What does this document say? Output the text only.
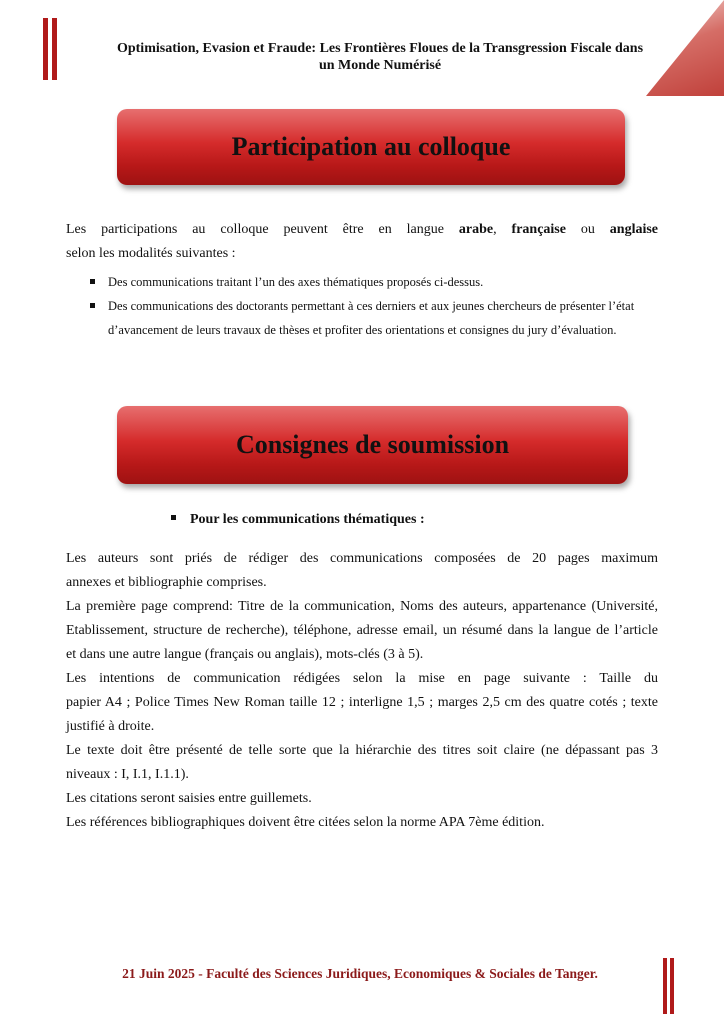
Optimisation, Evasion et Fraude: Les Frontières Floues de la Transgression Fiscale dans
un Monde Numérisé
Participation au colloque
Les participations au colloque peuvent être en langue arabe, française ou anglaise
selon les modalités suivantes :
Des communications traitant l’un des axes thématiques proposés ci-dessus.
Des communications des doctorants permettant à ces derniers et aux jeunes chercheurs de présenter l’état d’avancement de leurs travaux de thèses et profiter des orientations et consignes du jury d’évaluation.
Consignes de soumission
Pour les communications thématiques :

Les auteurs sont priés de rédiger des communications composées de 20 pages maximum
annexes et bibliographie comprises.

La première page comprend: Titre de la communication, Noms des auteurs, appartenance (Université,
Etablissement, structure de recherche), téléphone, adresse email, un résumé dans la langue de l’article
et dans une autre langue (français ou anglais), mots-clés (3 à 5).

Les intentions de communication rédigées selon la mise en page suivante : Taille du
papier A4 ; Police Times New Roman taille 12 ; interligne 1,5 ; marges 2,5 cm des quatre cotés ; texte
justifié à droite.

Le texte doit être présenté de telle sorte que la hiérarchie des titres soit claire (ne dépassant pas 3
niveaux : I, I.1, I.1.1).

Les citations seront saisies entre guillemets.

Les références bibliographiques doivent être citées selon la norme APA 7ème édition.

21 Juin 2025 - Faculté des Sciences Juridiques, Economiques & Sociales de Tanger.
